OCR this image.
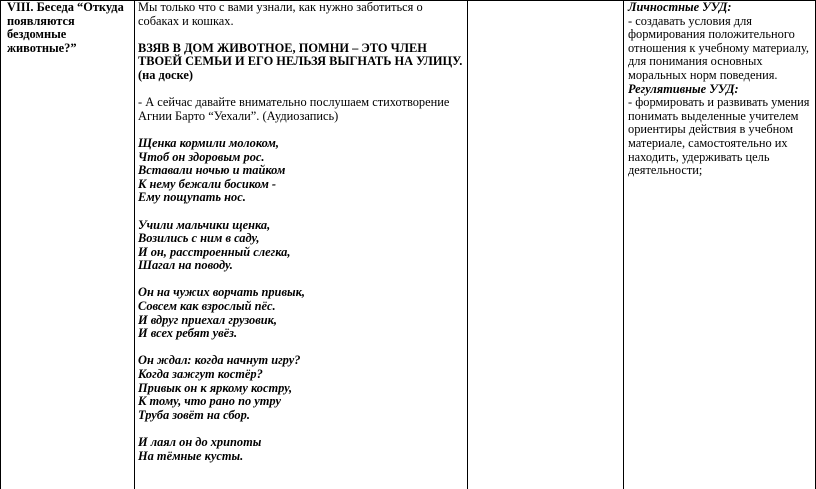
VIII. Беседа “Откуда появляются бездомные животные?”

Мы только что с вами узнали, как нужно заботиться о собаках и кошках.

ВЗЯВ В ДОМ ЖИВОТНОЕ, ПОМНИ – ЭТО ЧЛЕН ТВОЕЙ СЕМЬИ И ЕГО НЕЛЬЗЯ ВЫГНАТЬ НА УЛИЦУ.(на доске)

- А сейчас давайте внимательно послушаем стихотворение Агнии Барто “Уехали”. (Аудиозапись)

Щенка кормили молоком,
Чтоб он здоровым рос.
Вставали ночью и тайком
К нему бежали босиком -
Ему пощупать нос.
Учили мальчики щенка,
Возились с ним в саду,
И он, расстроенный слегка,
Шагал на поводу.
Он на чужих ворчать привык,
Совсем как взрослый пёс.
И вдруг приехал грузовик,
И всех ребят увёз.
Он ждал: когда начнут игру?
Когда зажгут костёр?
Привык он к яркому костру,
К тому, что рано по утру
Труба зовёт на сбор.
И лаял он до хрипоты
На тёмные кусты.

Личностные УУД:

- создавать условия для формирования положительного отношения к учебному материалу, для понимания основных моральных норм поведения.

Регулятивные УУД:

- формировать и развивать умения понимать выделенные учителем ориентиры действия в учебном материале, самостоятельно их находить, удерживать цель деятельности;
